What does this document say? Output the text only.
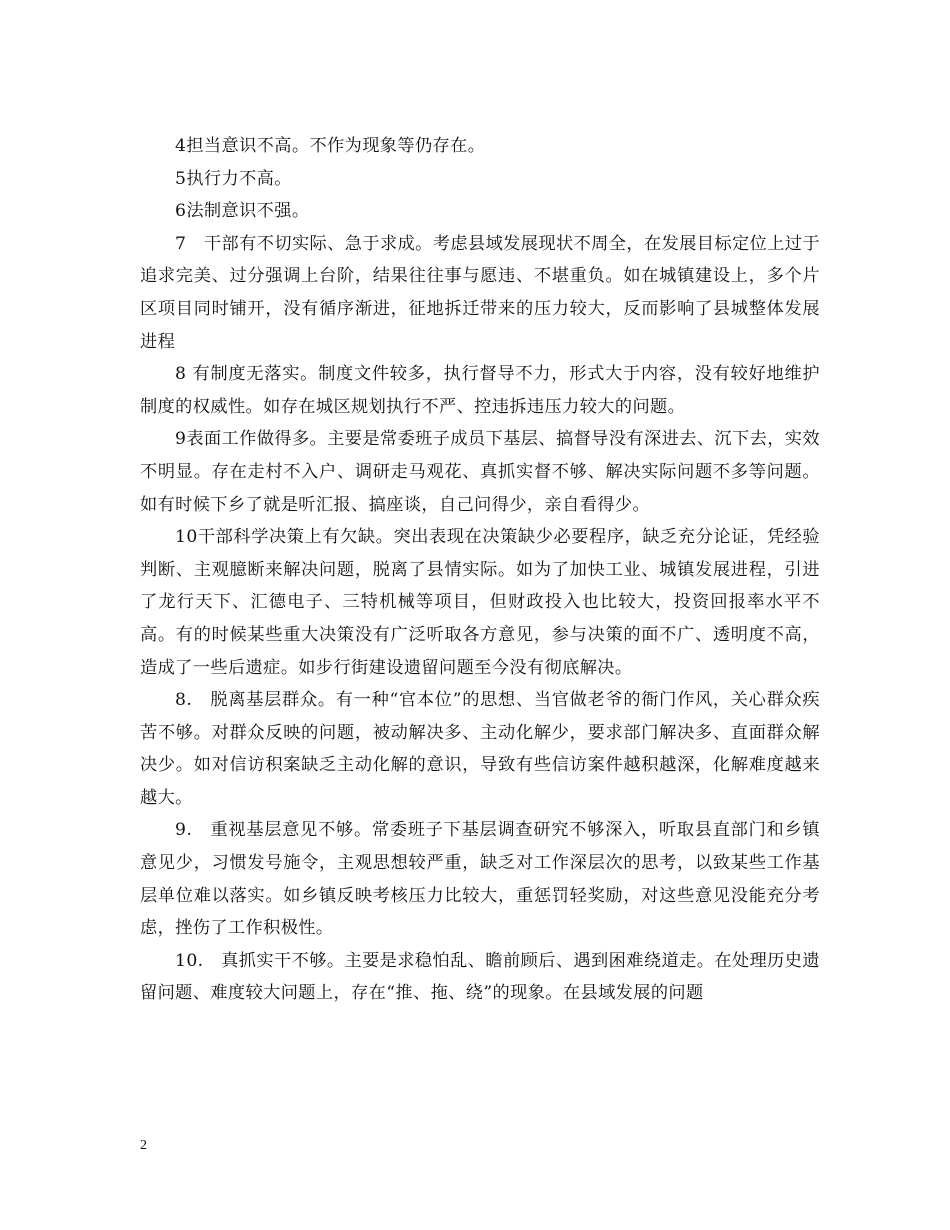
4担当意识不高。不作为现象等仍存在。

5执行力不高。

6法制意识不强。

7　干部有不切实际、急于求成。考虑县域发展现状不周全，在发展目标定位上过于追求完美、过分强调上台阶，结果往往事与愿违、不堪重负。如在城镇建设上，多个片区项目同时铺开，没有循序渐进，征地拆迁带来的压力较大，反而影响了县城整体发展进程

8 有制度无落实。制度文件较多，执行督导不力，形式大于内容，没有较好地维护制度的权威性。如存在城区规划执行不严、控违拆违压力较大的问题。

9表面工作做得多。主要是常委班子成员下基层、搞督导没有深进去、沉下去，实效不明显。存在走村不入户、调研走马观花、真抓实督不够、解决实际问题不多等问题。如有时候下乡了就是听汇报、搞座谈，自己问得少，亲自看得少。

10干部科学决策上有欠缺。突出表现在决策缺少必要程序，缺乏充分论证，凭经验判断、主观臆断来解决问题，脱离了县情实际。如为了加快工业、城镇发展进程，引进了龙行天下、汇德电子、三特机械等项目，但财政投入也比较大，投资回报率水平不高。有的时候某些重大决策没有广泛听取各方意见，参与决策的面不广、透明度不高，造成了一些后遗症。如步行街建设遗留问题至今没有彻底解决。

8.　脱离基层群众。有一种“官本位”的思想、当官做老爷的衙门作风，关心群众疾苦不够。对群众反映的问题，被动解决多、主动化解少，要求部门解决多、直面群众解决少。如对信访积案缺乏主动化解的意识，导致有些信访案件越积越深，化解难度越来越大。

9.　重视基层意见不够。常委班子下基层调查研究不够深入，听取县直部门和乡镇意见少，习惯发号施令，主观思想较严重，缺乏对工作深层次的思考，以致某些工作基层单位难以落实。如乡镇反映考核压力比较大，重惩罚轻奖励，对这些意见没能充分考虑，挫伤了工作积极性。

10.　真抓实干不够。主要是求稳怕乱、瞻前顾后、遇到困难绕道走。在处理历史遗留问题、难度较大问题上，存在“推、拖、绕”的现象。在县域发展的问题

2
